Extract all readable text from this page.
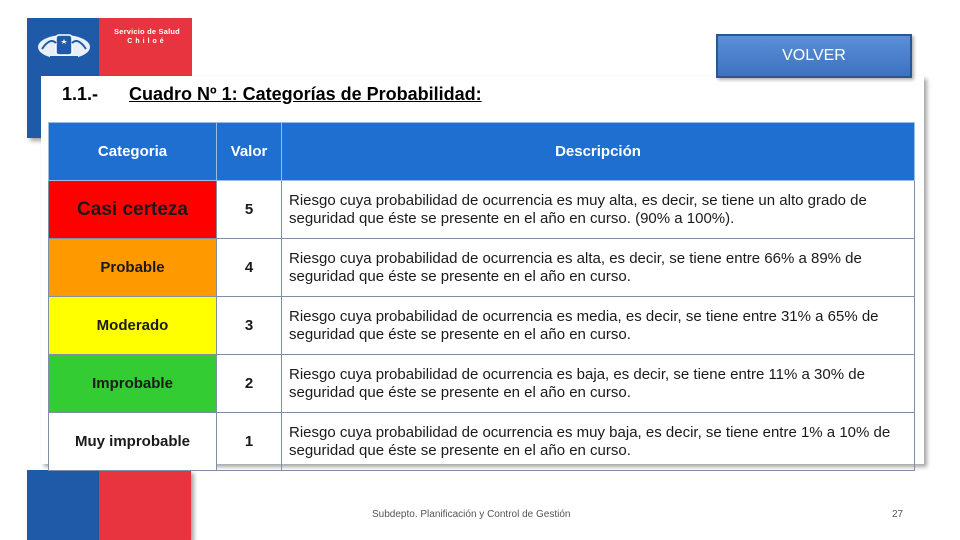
Servicio de Salud
Chiloé
1.1.- Cuadro Nº 1: Categorías de Probabilidad:
VOLVER
Categoria	Valor	Descripción
Casi certeza	5	Riesgo cuya probabilidad de ocurrencia es muy alta, es decir, se tiene un alto grado de seguridad que éste se presente en el año en curso. (90% a 100%).
Probable	4	Riesgo cuya probabilidad de ocurrencia es alta, es decir, se tiene entre 66% a 89% de seguridad que éste se presente en el año en curso.
Moderado	3	Riesgo cuya probabilidad de ocurrencia es media, es decir, se tiene entre 31% a 65% de seguridad que éste se presente en el año en curso.
Improbable	2	Riesgo cuya probabilidad de ocurrencia es baja, es decir, se tiene entre 11% a 30% de seguridad que éste se presente en el año en curso.
Muy improbable	1	Riesgo cuya probabilidad de ocurrencia es muy baja, es decir, se tiene entre 1% a 10% de seguridad que éste se presente en el año en curso.
Subdepto. Planificación y Control de Gestión	27
